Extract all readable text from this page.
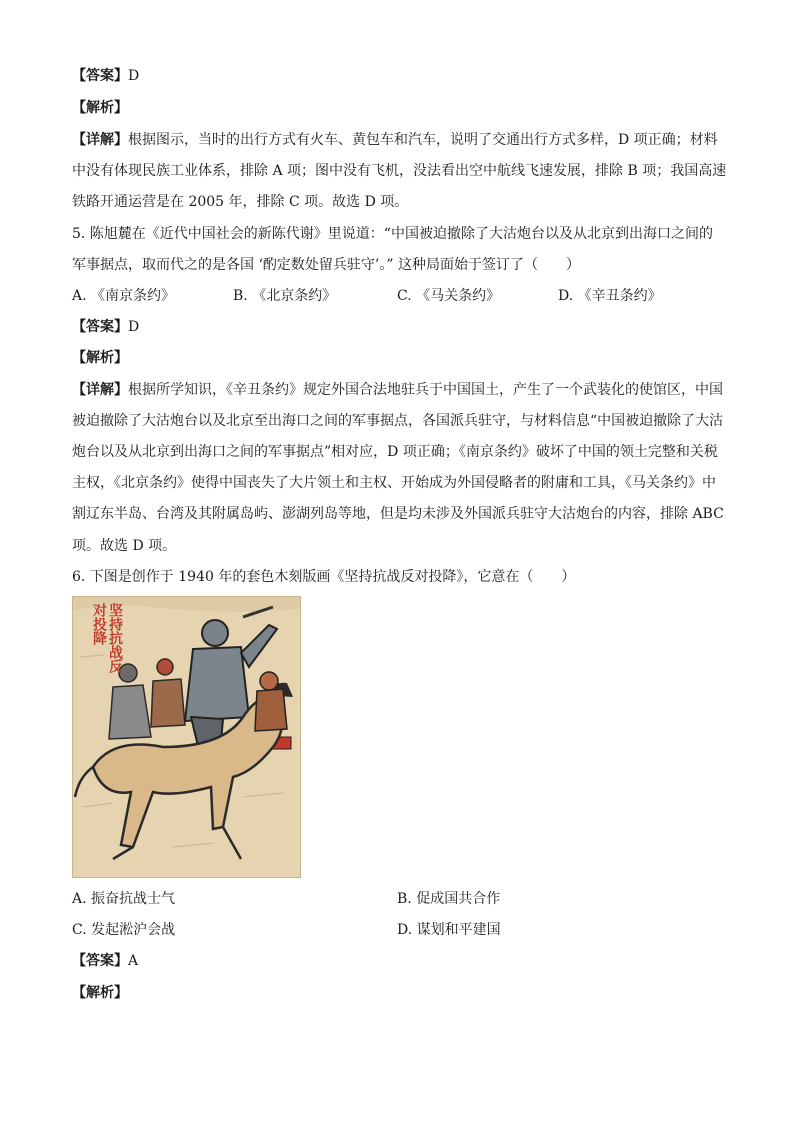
【答案】D
【解析】
【详解】根据图示，当时的出行方式有火车、黄包车和汽车，说明了交通出行方式多样，D 项正确；材料
中没有体现民族工业体系，排除 A 项；图中没有飞机，没法看出空中航线飞速发展，排除 B 项；我国高速
铁路开通运营是在 2005 年，排除 C 项。故选 D 项。
5. 陈旭麓在《近代中国社会的新陈代谢》里说道：“中国被迫撤除了大沽炮台以及从北京到出海口之间的
军事据点，取而代之的是各国 ‘酌定数处留兵驻守’。” 这种局面始于签订了（　　）
A. 《南京条约》	B. 《北京条约》	C. 《马关条约》	D. 《辛丑条约》
【答案】D
【解析】
【详解】根据所学知识，《辛丑条约》规定外国合法地驻兵于中国国土，产生了一个武装化的使馆区，中国
被迫撤除了大沽炮台以及北京至出海口之间的军事据点，各国派兵驻守，与材料信息“中国被迫撤除了大沽
炮台以及从北京到出海口之间的军事据点”相对应，D 项正确；《南京条约》破坏了中国的领土完整和关税
主权，《北京条约》使得中国丧失了大片领土和主权、开始成为外国侵略者的附庸和工具，《马关条约》中
割辽东半岛、台湾及其附属岛屿、澎湖列岛等地，但是均未涉及外国派兵驻守大沽炮台的内容，排除 ABC
项。故选 D 项。
6. 下图是创作于 1940 年的套色木刻版画《坚持抗战反对投降》，它意在（　　）
A. 振奋抗战士气	B. 促成国共合作
C. 发起淞沪会战	D. 谋划和平建国
【答案】A
【解析】
坚持抗战反对投降
